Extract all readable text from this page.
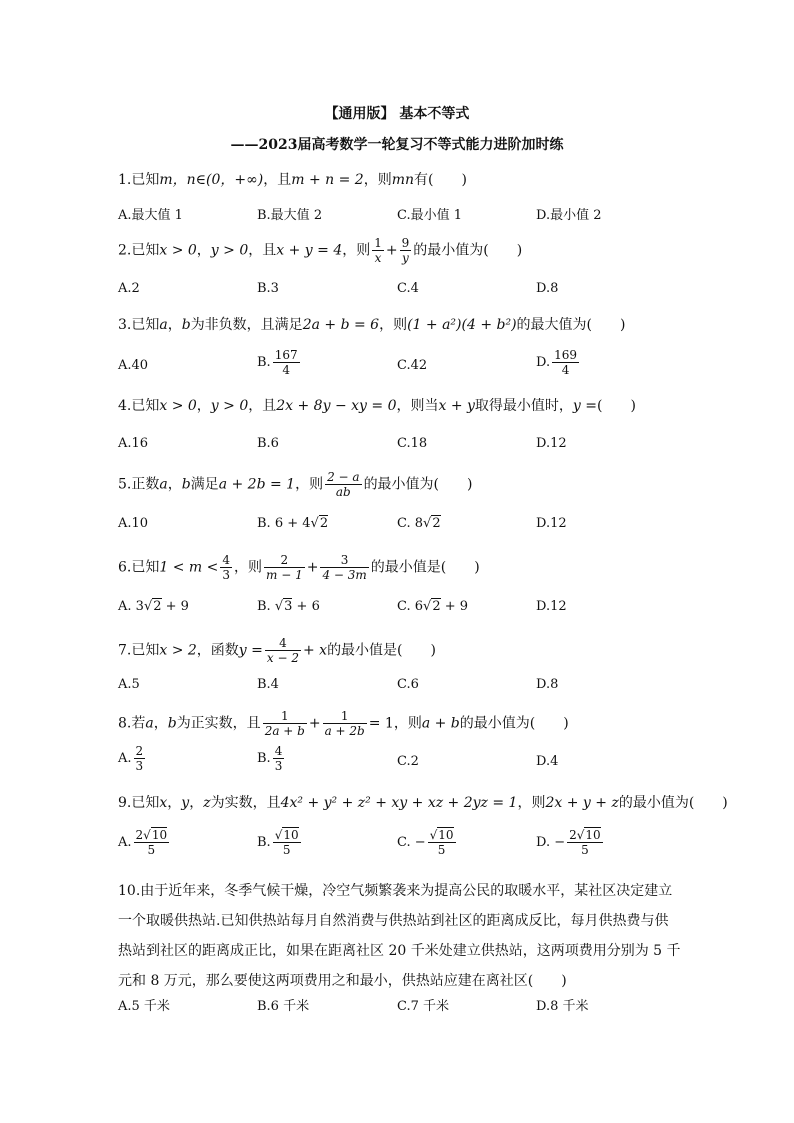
【通用版】 基本不等式
——2023届高考数学一轮复习不等式能力进阶加时练
1.已知m，n∈(0，+∞)，且m + n = 2，则mn有(　　)
A.最大值 1	B.最大值 2	C.最小值 1	D.最小值 2
2.已知x > 0，y > 0，且x + y = 4，则 $\frac{1}{x} + \frac{9}{y}$ 的最小值为(　　)
A.2	B.3	C.4	D.8
3.已知a，b为非负数，且满足2a + b = 6，则(1 + a²)(4 + b²)的最大值为(　　)
A.40	B. $\frac{167}{4}$	C.42	D. $\frac{169}{4}$
4.已知x > 0，y > 0，且2x + 8y − xy = 0，则当x + y取得最小值时，y =(　　)
A.16	B.6	C.18	D.12
5.正数a，b满足a + 2b = 1，则 $\frac{2 - a}{ab}$ 的最小值为(　　)
A.10	B. 6 + 4√2	C. 8√2	D.12
6.已知$1 < m < \frac{4}{3}$ ，则 $\frac{2}{m - 1} + \frac{3}{4 - 3m}$ 的最小值是(　　)
A. 3√2 + 9	B. √3 + 6	C. 6√2 + 9	D.12
7.已知x > 2，函数$y = \frac{4}{x - 2} + x$的最小值是(　　)
A.5	B.4	C.6	D.8
8.若a，b为正实数，且 $\frac{1}{2a + b} + \frac{1}{a + 2b} = 1$，则a + b的最小值为(　　)
A. $\frac{2}{3}$	B. $\frac{4}{3}$	C.2	D.4
9.已知x，y，z为实数，且4x² + y² + z² + xy + xz + 2yz = 1，则2x + y + z的最小值为(　　)
A. $\frac{2√10}{5}$	B. $\frac{√10}{5}$	C. − $\frac{√10}{5}$	D. − $\frac{2√10}{5}$

10.由于近年来，冬季气候干燥，冷空气频繁袭来为提高公民的取暖水平，某社区决定建立

一个取暖供热站.已知供热站每月自然消费与供热站到社区的距离成反比，每月供热费与供

热站到社区的距离成正比，如果在距离社区 20 千米处建立供热站，这两项费用分别为 5 千

元和 8 万元，那么要使这两项费用之和最小，供热站应建在离社区(　　)

A.5 千米	B.6 千米	C.7 千米	D.8 千米
